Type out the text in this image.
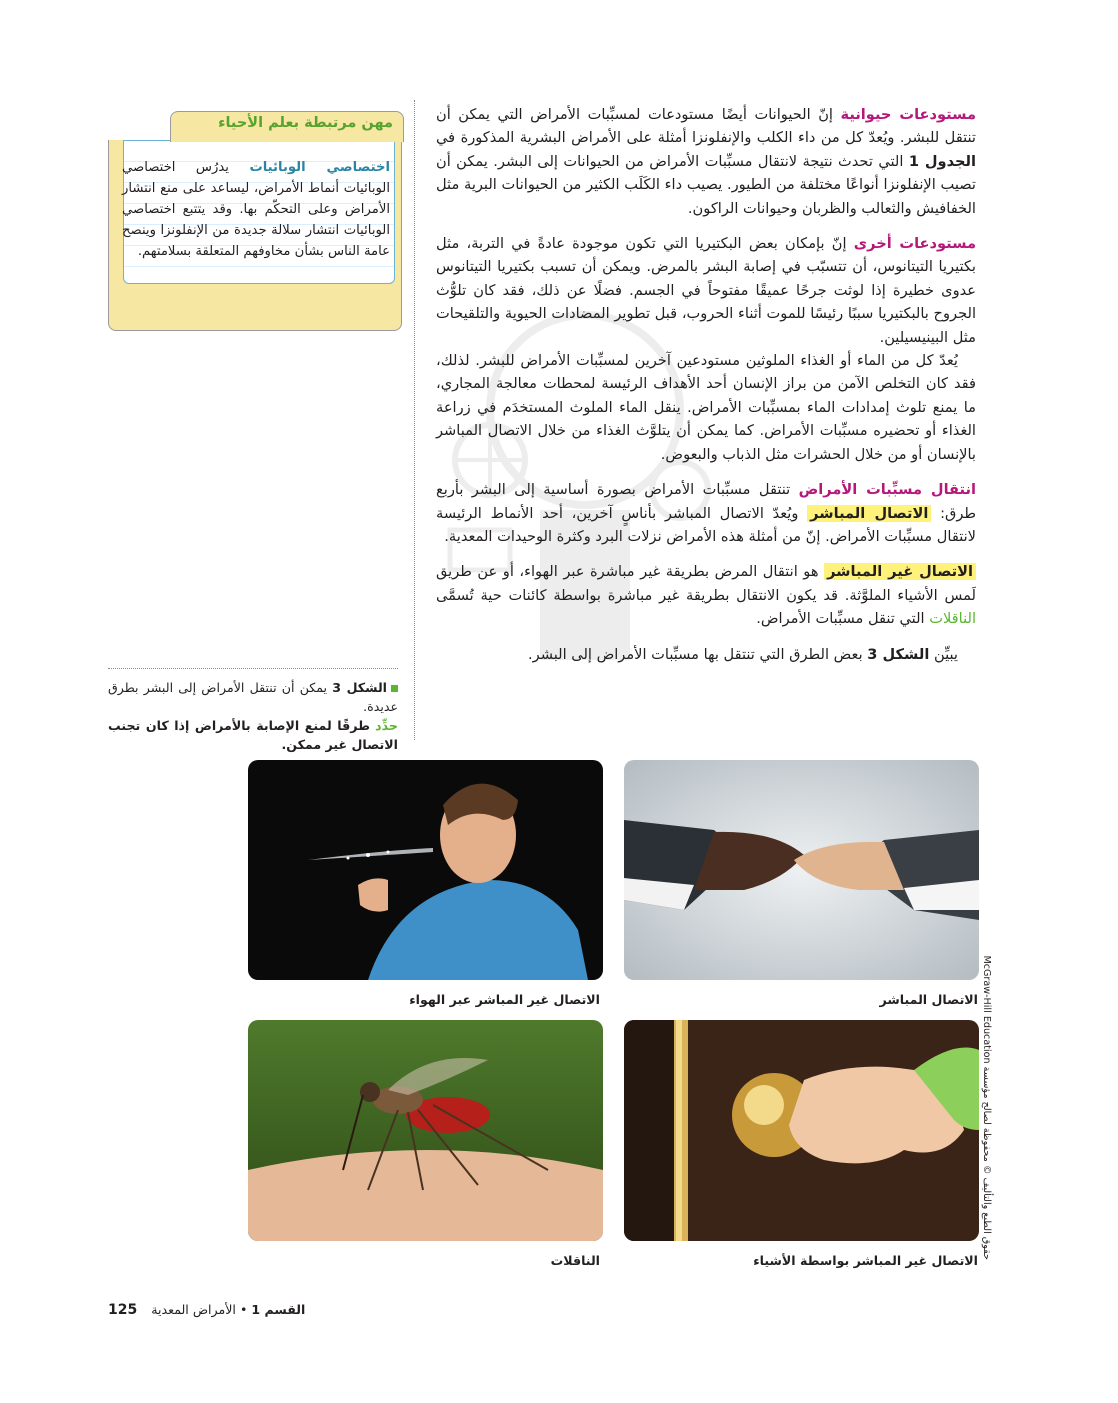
مهن مرتبطة بعلم الأحياء
اختصاصي الوبائيات يدرُس اختصاصي الوبائيات أنماط الأمراض، ليساعد على منع انتشار الأمراض وعلى التحكّم بها. وقد يتتبع اختصاصي الوبائيات انتشار سلالة جديدة من الإنفلونزا وينصح عامة الناس بشأن مخاوفهم المتعلقة بسلامتهم.

مستودعات حيوانية إنّ الحيوانات أيضًا مستودعات لمسبِّبات الأمراض التي يمكن أن تنتقل للبشر. ويُعدّ كل من داء الكلب والإنفلونزا أمثلة على الأمراض البشرية المذكورة في الجدول 1 التي تحدث نتيجة لانتقال مسبِّبات الأمراض من الحيوانات إلى البشر. يمكن أن تصيب الإنفلونزا أنواعًا مختلفة من الطيور. يصيب داء الكَلَب الكثير من الحيوانات البرية مثل الخفافيش والثعالب والظربان وحيوانات الراكون.

مستودعات أخرى إنّ بإمكان بعض البكتيريا التي تكون موجودة عادةً في التربة، مثل بكتيريا التيتانوس، أن تتسبّب في إصابة البشر بالمرض. ويمكن أن تسبب بكتيريا التيتانوس عدوى خطيرة إذا لوثت جرحًا عميقًا مفتوحاً في الجسم. فضلًا عن ذلك، فقد كان تلوُّث الجروح بالبكتيريا سببًا رئيسًا للموت أثناء الحروب، قبل تطوير المضادات الحيوية والتلقيحات مثل البينيسيلين.

يُعدّ كل من الماء أو الغذاء الملوثين مستودعين آخرين لمسبِّبات الأمراض للبشر. لذلك، فقد كان التخلص الآمن من براز الإنسان أحد الأهداف الرئيسة لمحطات معالجة المجاري، ما يمنع تلوث إمدادات الماء بمسبِّبات الأمراض. ينقل الماء الملوث المستخدَم في زراعة الغذاء أو تحضيره مسبِّبات الأمراض. كما يمكن أن يتلوَّث الغذاء من خلال الاتصال المباشر بالإنسان أو من خلال الحشرات مثل الذباب والبعوض.

انتقال مسبِّبات الأمراض تنتقل مسبِّبات الأمراض بصورة أساسية إلى البشر بأربع طرق: الاتصال المباشر ويُعدّ الاتصال المباشر بأناسٍ آخرين، أحد الأنماط الرئيسة لانتقال مسبِّبات الأمراض. إنّ من أمثلة هذه الأمراض نزلات البرد وكثرة الوحيدات المعدية.

الاتصال غير المباشر هو انتقال المرض بطريقة غير مباشرة عبر الهواء، أو عن طريق لَمس الأشياء الملوَّثة. قد يكون الانتقال بطريقة غير مباشرة بواسطة كائنات حية تُسمَّى الناقلات التي تنقل مسبِّبات الأمراض.

يبيِّن الشكل 3 بعض الطرق التي تنتقل بها مسبِّبات الأمراض إلى البشر.

الشكل 3 يمكن أن تنتقل الأمراض إلى البشر بطرق عديدة.
حدِّد طرقًا لمنع الإصابة بالأمراض إذا كان تجنب الاتصال غير ممكن.
الاتصال المباشر
الاتصال غير المباشر عبر الهواء
الاتصال غير المباشر بواسطة الأشياء
الناقلات
حقوق الطبع والتأليف © محفوظة لصالح مؤسسة McGraw-Hill Education
القسم 1 • الأمراض المعدية 125
